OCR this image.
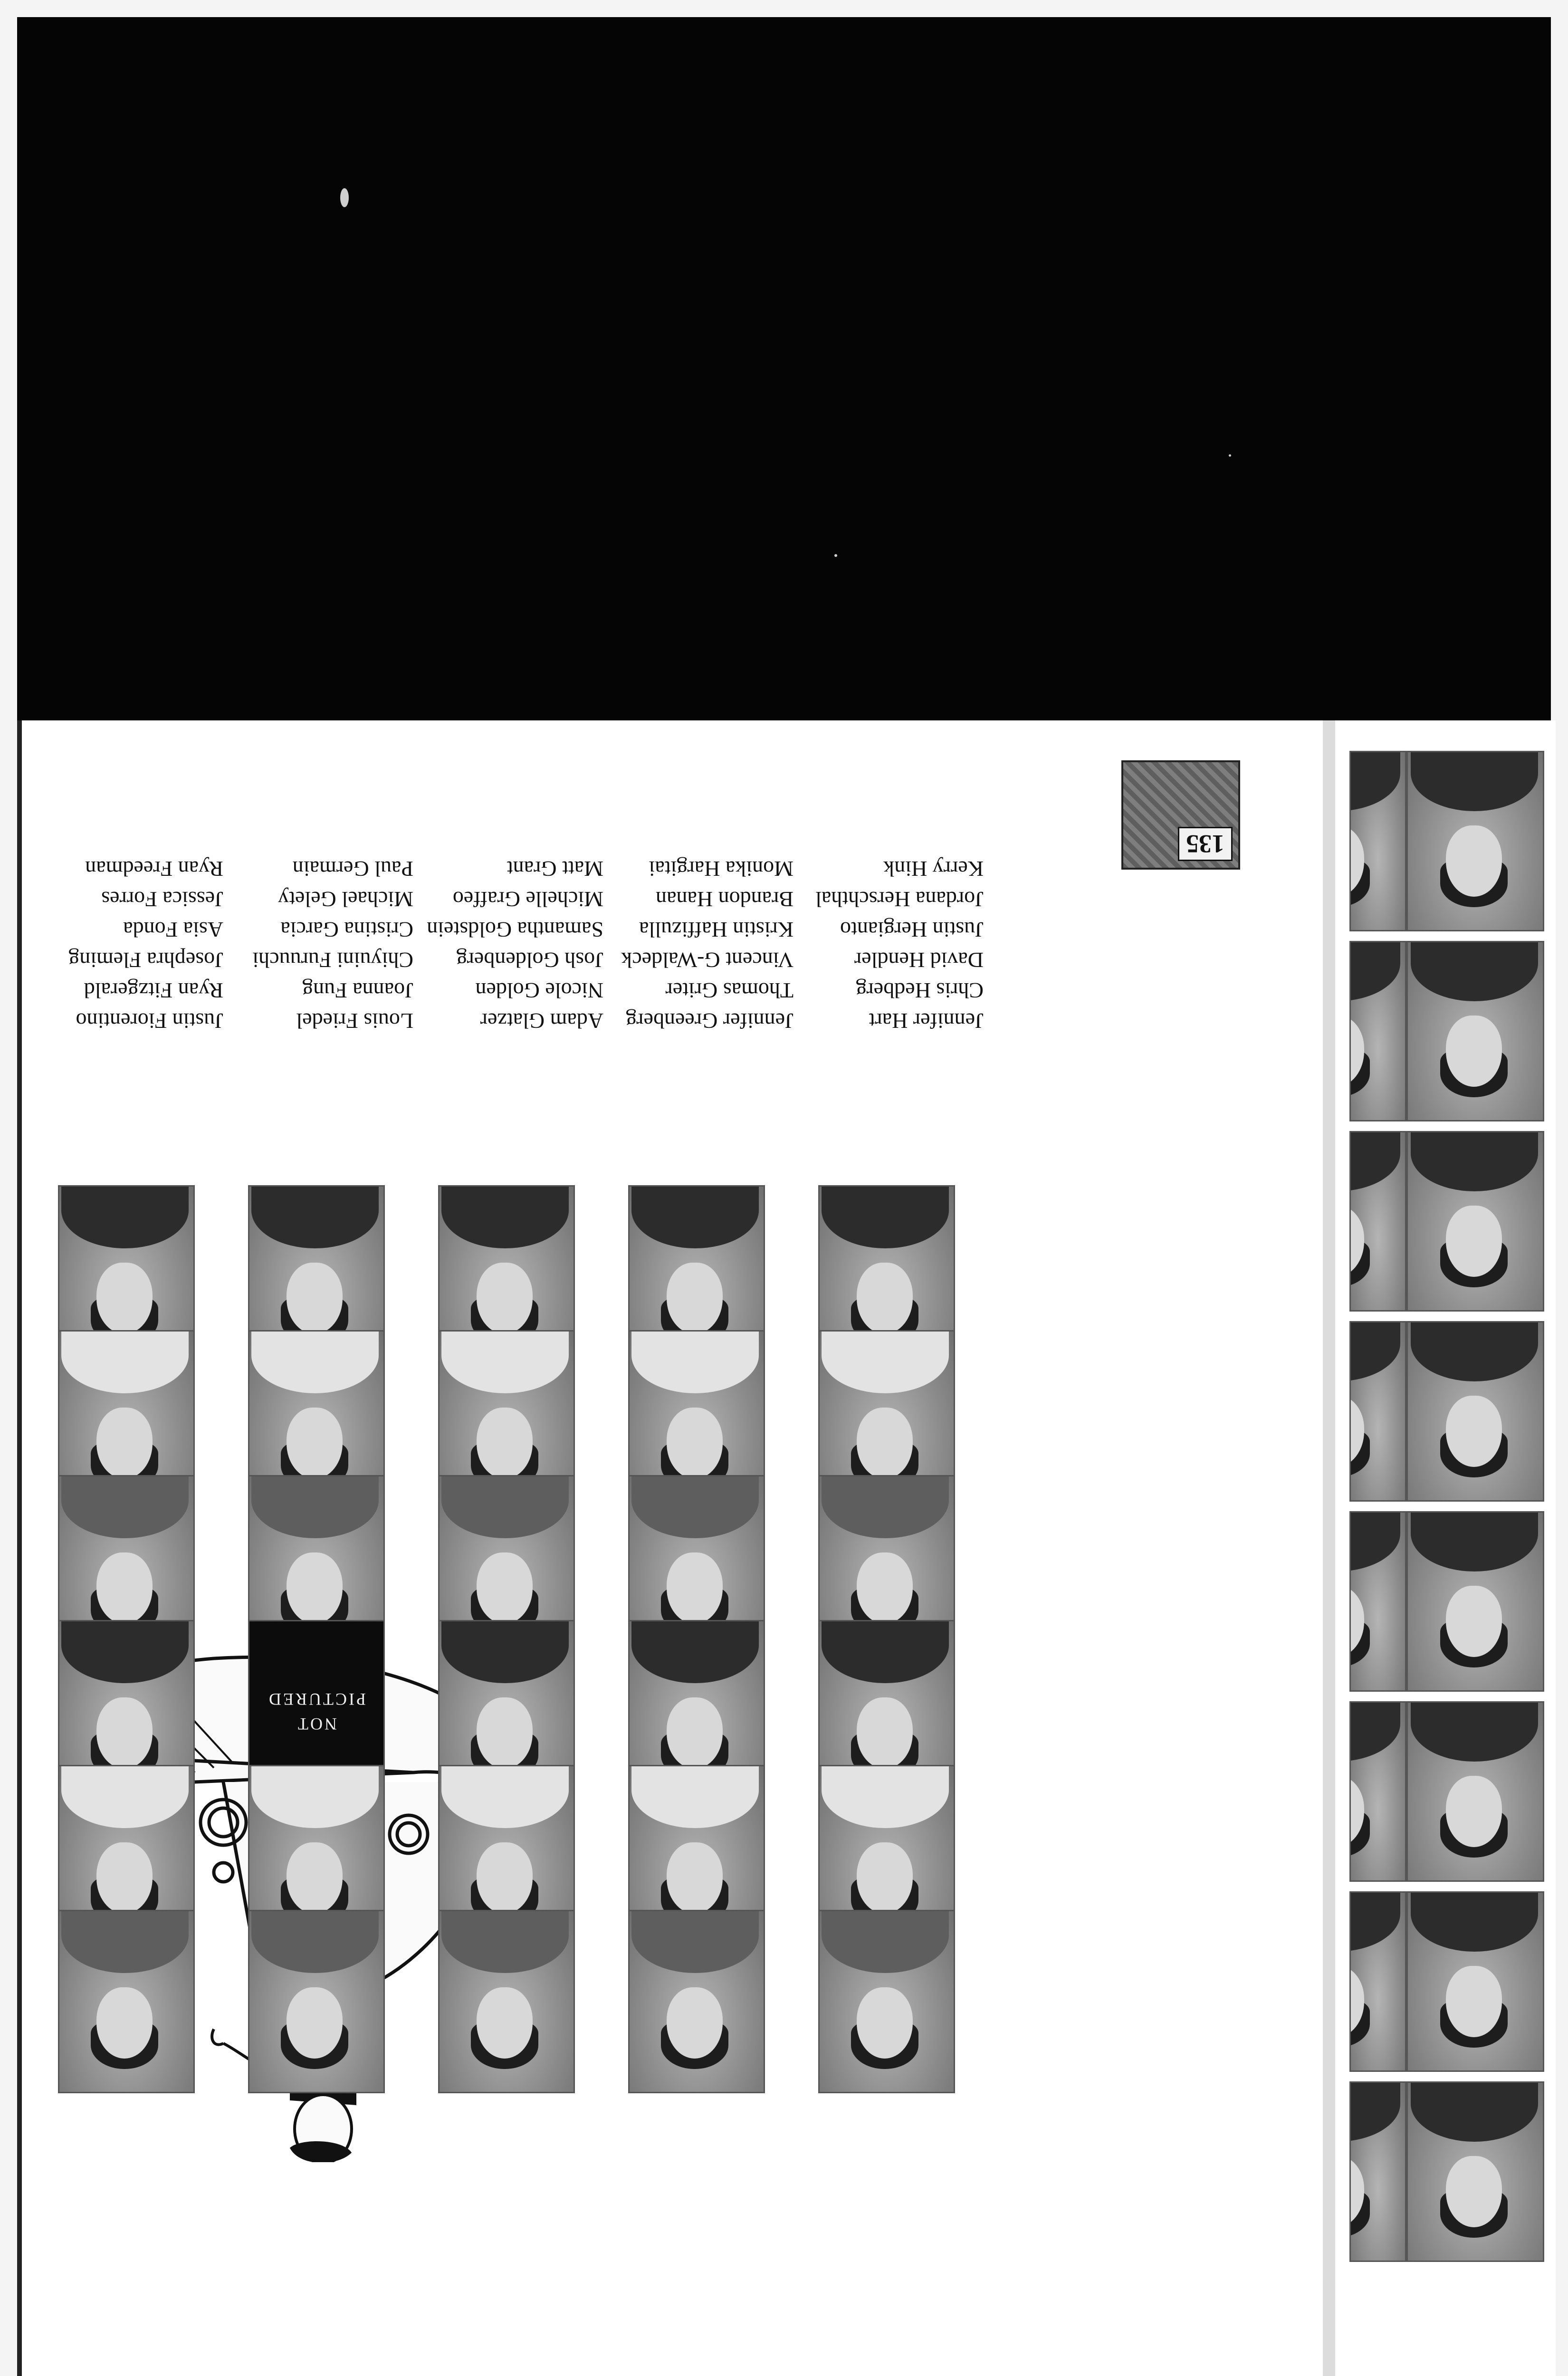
Justin Fiorentino
Ryan Fitzgerald
Josephra Fleming
Asia Fonda
Jessica Forres
Ryan Freedman
Louis Friedel
Joanna Fung
Chiyuini Furuuchi
Cristina Garcia
Michael Gelety
Paul Germain
Adam Glatzer
Nicole Golden
Josh Goldenberg
Samantha Goldstein
Michelle Graffeo
Matt Grant
Jennifer Greenberg
Thomas Griter
Vincent G-Waldeck
Kristin Haffizulla
Brandon Hanan
Monika Hargitai
Jennifer Hart
Chris Hedberg
David Hendler
Justin Hergianto
Jordana Herschthal
Kerry Hink
135
NOT
PICTURED
